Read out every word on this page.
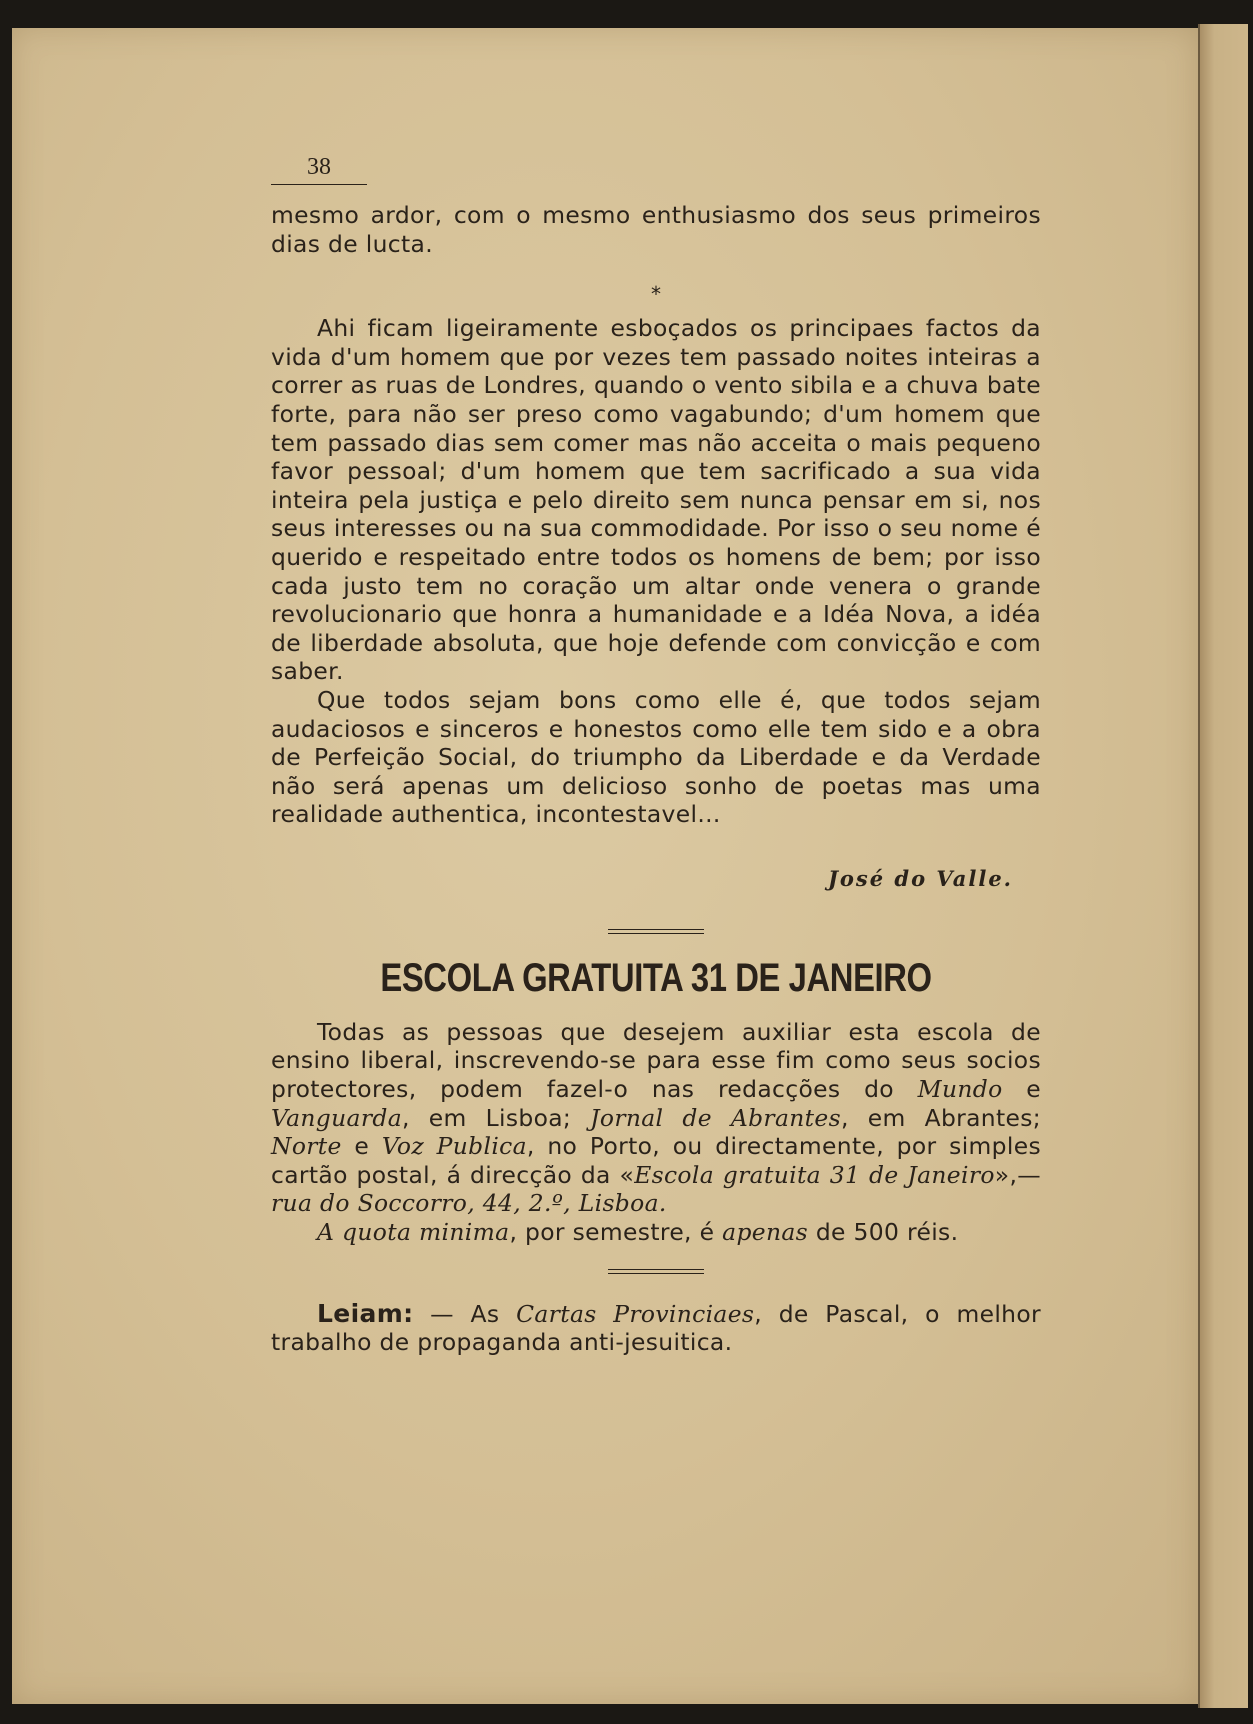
38

mesmo ardor, com o mesmo enthusiasmo dos seus primeiros dias de lucta.

*

Ahi ficam ligeiramente esboçados os principaes factos da vida d'um homem que por vezes tem passado noites inteiras a correr as ruas de Londres, quando o vento sibila e a chuva bate forte, para não ser preso como vagabundo; d'um homem que tem passado dias sem comer mas não acceita o mais pequeno favor pessoal; d'um homem que tem sacrificado a sua vida inteira pela justiça e pelo direito sem nunca pensar em si, nos seus interesses ou na sua commodidade. Por isso o seu nome é querido e respeitado entre todos os homens de bem; por isso cada justo tem no coração um altar onde venera o grande revolucionario que honra a humanidade e a Idéa Nova, a idéa de liberdade absoluta, que hoje defende com convicção e com saber.

Que todos sejam bons como elle é, que todos sejam audaciosos e sinceros e honestos como elle tem sido e a obra de Perfeição Social, do triumpho da Liberdade e da Verdade não será apenas um delicioso sonho de poetas mas uma realidade authentica, incontestavel...

José do Valle.
ESCOLA GRATUITA 31 DE JANEIRO

Todas as pessoas que desejem auxiliar esta escola de ensino liberal, inscrevendo-se para esse fim como seus socios protectores, podem fazel-o nas redacções do Mundo e Vanguarda, em Lisboa; Jornal de Abrantes, em Abrantes; Norte e Voz Publica, no Porto, ou directamente, por simples cartão postal, á direcção da «Escola gratuita 31 de Janeiro»,—rua do Soccorro, 44, 2.º, Lisboa.

A quota minima, por semestre, é apenas de 500 réis.

Leiam: — As Cartas Provinciaes, de Pascal, o melhor trabalho de propaganda anti-jesuitica.
